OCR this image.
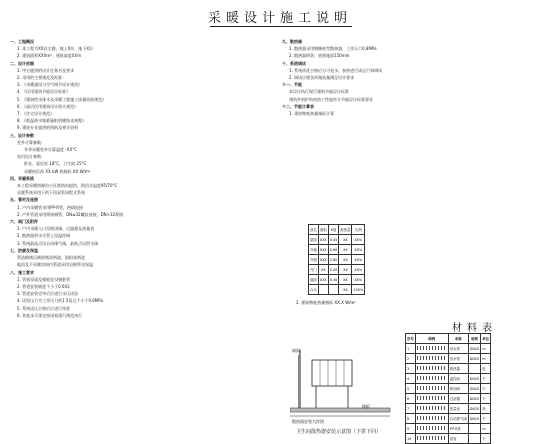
采暖设计施工说明
一、工程概况
1. 本工程为XX住宅楼，地上X层，地下X层
2. 建筑面积XXXm²，建筑高度XXm
二、设计依据
1. 甲方提供的设计任务书及要求
2. 采用的主要规范及标准：
3. 《采暖通风与空气调节设计规范》
4. 《民用建筑节能设计标准》
5. 《建筑给水排水及采暖工程施工质量验收规范》
6. 《高层民用建筑设计防火规范》
7. 《住宅设计规范》
8. 《低温热水地板辐射供暖技术规程》
9. 建筑专业提供的图纸及相关资料
三、设计参数
室外计算参数：
冬季采暖室外计算温度 -XX°C
室内设计参数：
卧室、起居室 18°C，卫生间 25°C
采暖热负荷 XX kW 热指标 XX W/m²
四、采暖系统
本工程采暖热源由小区换热站提供，供回水温度95/70°C
采暖系统采用下供下回双管同程式系统
五、管材及连接
1. 户内采暖管采用PP-R管，热熔连接
2. 户外管道采用焊接钢管，DN≤32螺纹连接，DN>32焊接
六、阀门及附件
1. 户内采暖入口设锁闭阀、过滤器及热量表
2. 散热器供水支管上设温控阀
3. 系统最高点设自动排气阀，最低点设泄水阀
七、防腐及保温
管道除锈后刷防锈漆两道，银粉漆两道
地沟及不采暖房间内管道采用岩棉管壳保温
八、施工要求
1. 管道穿墙及楼板处设钢套管
2. 管道安装坡度不小于0.003
3. 管道安装完毕后应进行水压试验
4. 试验压力为工作压力的1.5倍且不小于0.6MPa
5. 系统试压合格后应进行冲洗
6. 其他未尽事宜按国家现行规范执行
九、散热器
1. 散热器采用钢制柱型散热器，工作压力0.8MPa
2. 散热器明装，底距地面150mm
十、系统调试
1. 系统冲洗合格后方可充水、加热进行试运行和调试
2. 调试应使各环路流量满足设计要求
十一、节能
本设计执行现行建筑节能设计标准
建筑外围护结构热工性能符合节能设计标准要求
十二、节能计算表
1. 建筑物耗热量指标计算
部位	面积	K值	耗热量	比例
屋面	XXX	0.45	XX	XX%
外墙	XXX	0.60	XX	XX%
外窗	XXX	2.80	XX	XX%
外门	XX	2.00	XX	XX%
地面	XXX	0.30	XX	XX%
合计			XX	100%
2. 建筑物耗热量指标 XX.X W/m²
材料表
序号	图例	名称	规格	单位
1		供水管	DN20	m
2		回水管	DN20	m
3		散热器		组
4		温控阀	DN20	个
5		锁闭阀	DN20	个
6		过滤器	DN20	个
7		热量表	DN20	块
8		自动排气阀	DN15	个
9		PP-R管		m
10		套管		个
墙面
楼板
散热器安装大样图
卫生间散热器安装示意图（下供下回）
